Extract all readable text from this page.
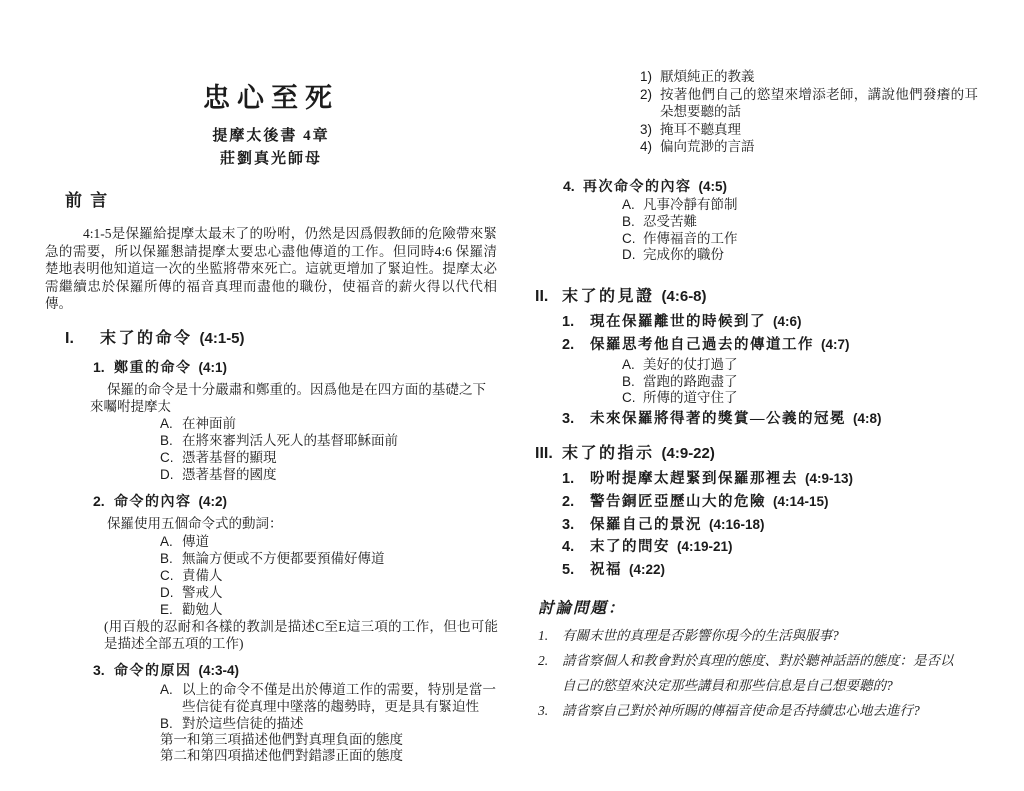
忠心至死
提摩太後書 4章
莊劉真光師母
前 言

4:1-5是保羅給提摩太最末了的吩咐，仍然是因爲假教師的危險帶來緊急的需要，所以保羅懇請提摩太要忠心盡他傳道的工作。但同時4:6 保羅清楚地表明他知道這一次的坐監將帶來死亡。這就更增加了緊迫性。提摩太必需繼續忠於保羅所傳的福音真理而盡他的職份，使福音的薪火得以代代相傳。

I.	末了的命令 (4:1-5)
1. 鄭重的命令 (4:1)

保羅的命令是十分嚴肅和鄭重的。因爲他是在四方面的基礎之下來囑咐提摩太

A. 在神面前
B. 在將來審判活人死人的基督耶穌面前
C. 憑著基督的顯現
D. 憑著基督的國度
2. 命令的內容 (4:2)

保羅使用五個命令式的動詞：

A. 傳道
B. 無論方便或不方便都要預備好傳道
C. 責備人
D. 警戒人
E. 勸勉人
(用百般的忍耐和各樣的教訓是描述C至E這三項的工作，但也可能是描述全部五項的工作)
3. 命令的原因 (4:3-4)
A. 以上的命令不僅是出於傳道工作的需要，特別是當一些信徒有從真理中墜落的趨勢時，更是具有緊迫性
B. 對於這些信徒的描述
第一和第三項描述他們對真理負面的態度
第二和第四項描述他們對錯謬正面的態度
1) 厭煩純正的教義
2) 按著他們自己的慾望來增添老師，講說他們發癢的耳朵想要聽的話
3) 掩耳不聽真理
4) 偏向荒渺的言語
4. 再次命令的內容 (4:5)
A. 凡事冷靜有節制
B. 忍受苦難
C. 作傳福音的工作
D. 完成你的職份
II. 末了的見證 (4:6-8)
1.	現在保羅離世的時候到了 (4:6)
2.	保羅思考他自己過去的傳道工作 (4:7)
A. 美好的仗打過了
B. 當跑的路跑盡了
C. 所傳的道守住了
3.	未來保羅將得著的獎賞—公義的冠冕 (4:8)
III. 末了的指示 (4:9-22)
1.	吩咐提摩太趕緊到保羅那裡去 (4:9-13)
2.	警告銅匠亞歷山大的危險 (4:14-15)
3.	保羅自己的景況 (4:16-18)
4.	末了的問安 (4:19-21)
5.	祝福 (4:22)
討論問題：
1.	有關末世的真理是否影響你現今的生活與服事?
2.	請省察個人和教會對於真理的態度、對於聽神話語的態度：是否以自己的慾望來決定那些講員和那些信息是自己想要聽的?
3.	請省察自己對於神所賜的傳福音使命是否持續忠心地去進行?
